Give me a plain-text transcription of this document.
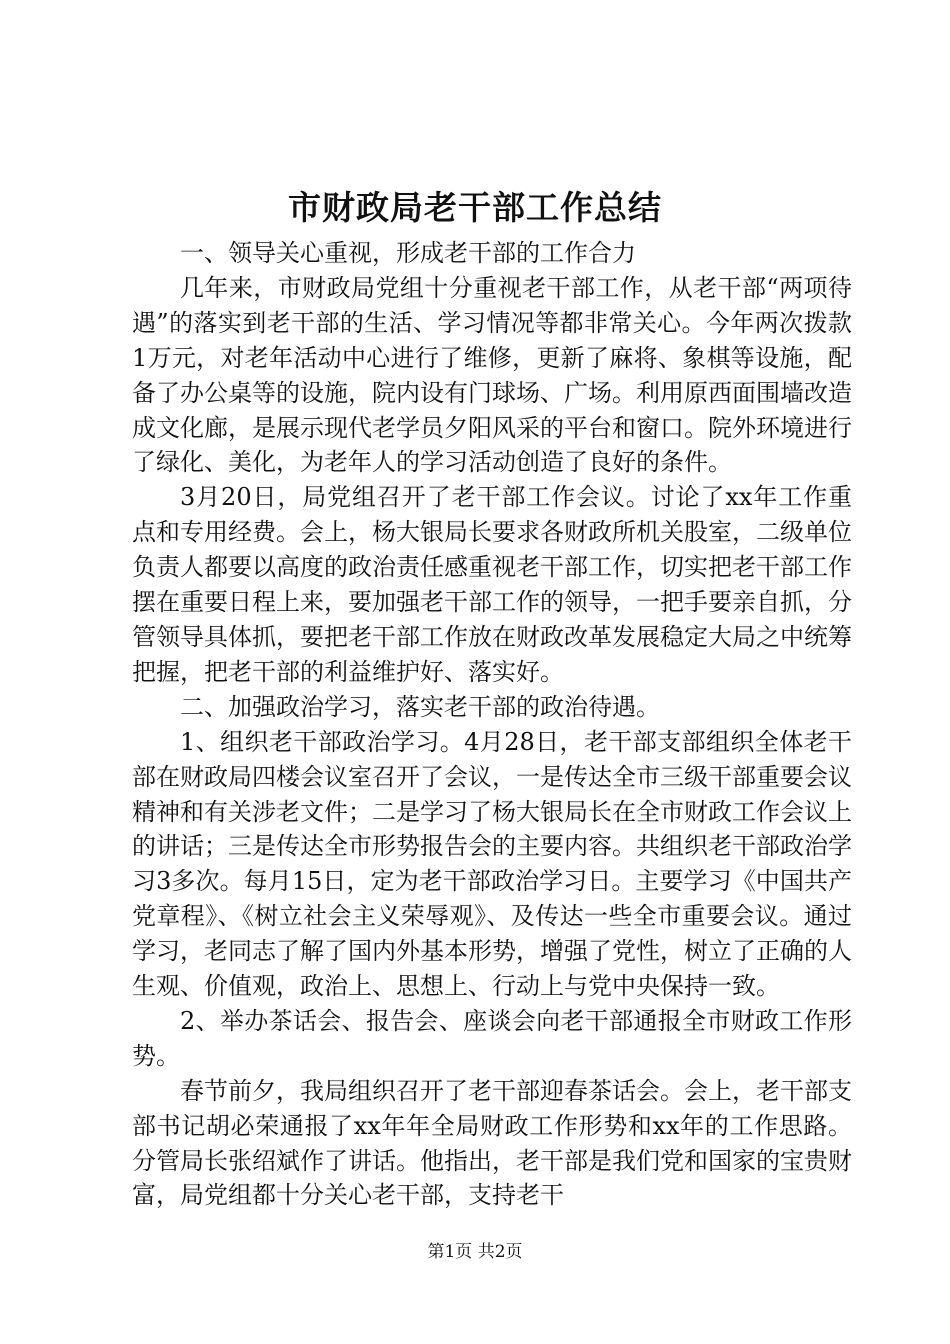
市财政局老干部工作总结

一、领导关心重视，形成老干部的工作合力

几年来，市财政局党组十分重视老干部工作，从老干部“两项待遇”的落实到老干部的生活、学习情况等都非常关心。今年两次拨款1万元，对老年活动中心进行了维修，更新了麻将、象棋等设施，配备了办公桌等的设施，院内设有门球场、广场。利用原西面围墙改造成文化廊，是展示现代老学员夕阳风采的平台和窗口。院外环境进行了绿化、美化，为老年人的学习活动创造了良好的条件。

3月20日，局党组召开了老干部工作会议。讨论了xx年工作重点和专用经费。会上，杨大银局长要求各财政所机关股室，二级单位负责人都要以高度的政治责任感重视老干部工作，切实把老干部工作摆在重要日程上来，要加强老干部工作的领导，一把手要亲自抓，分管领导具体抓，要把老干部工作放在财政改革发展稳定大局之中统筹把握，把老干部的利益维护好、落实好。

二、加强政治学习，落实老干部的政治待遇。

1、组织老干部政治学习。4月28日，老干部支部组织全体老干部在财政局四楼会议室召开了会议，一是传达全市三级干部重要会议精神和有关涉老文件；二是学习了杨大银局长在全市财政工作会议上的讲话；三是传达全市形势报告会的主要内容。共组织老干部政治学习3多次。每月15日，定为老干部政治学习日。主要学习《中国共产党章程》、《树立社会主义荣辱观》、及传达一些全市重要会议。通过学习，老同志了解了国内外基本形势，增强了党性，树立了正确的人生观、价值观，政治上、思想上、行动上与党中央保持一致。

2、举办茶话会、报告会、座谈会向老干部通报全市财政工作形势。

春节前夕，我局组织召开了老干部迎春茶话会。会上，老干部支部书记胡必荣通报了xx年年全局财政工作形势和xx年的工作思路。分管局长张绍斌作了讲话。他指出，老干部是我们党和国家的宝贵财富，局党组都十分关心老干部，支持老干

第1页 共2页
